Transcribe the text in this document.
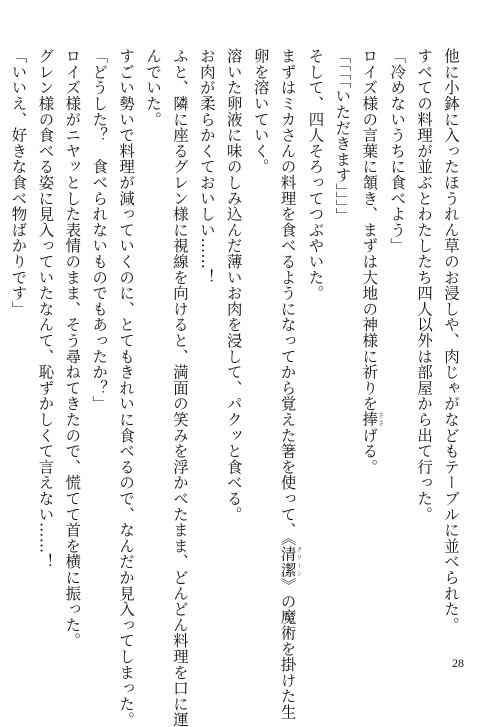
他に小鉢に入ったほうれん草のお浸しや、肉じゃがなどもテーブルに並べられた。
すべての料理が並ぶとわたしたち四人以外は部屋から出て行った。
「冷めないうちに食べよう」
ロイズ様の言葉に頷き、まずは大地の神様に祈りを捧 ささげる。
「「「「いただきます」」」」
そして、四人そろってつぶやいた。
まずはミカさんの料理を食べるようになってから覚えた箸を使って、《清潔 クリーン》の魔術を掛けた生
卵を溶いていく。
溶いた卵液に味のしみ込んだ薄いお肉を浸して、パクッと食べる。
お肉が柔らかくておいしい……！
ふと、隣に座るグレン様に視線を向けると、満面の笑みを浮かべたまま、どんどん料理を口に運
んでいた。
すごい勢いで料理が減っていくのに、とてもきれいに食べるので、なんだか見入ってしまった。
「どうした？　食べられないものでもあったか？」
ロイズ様がニヤッとした表情のまま、そう尋ねてきたので、慌てて首を横に振った。
グレン様の食べる姿に見入っていたなんて、恥ずかしくて言えない……！
「いいえ、好きな食べ物ばかりです」
28
